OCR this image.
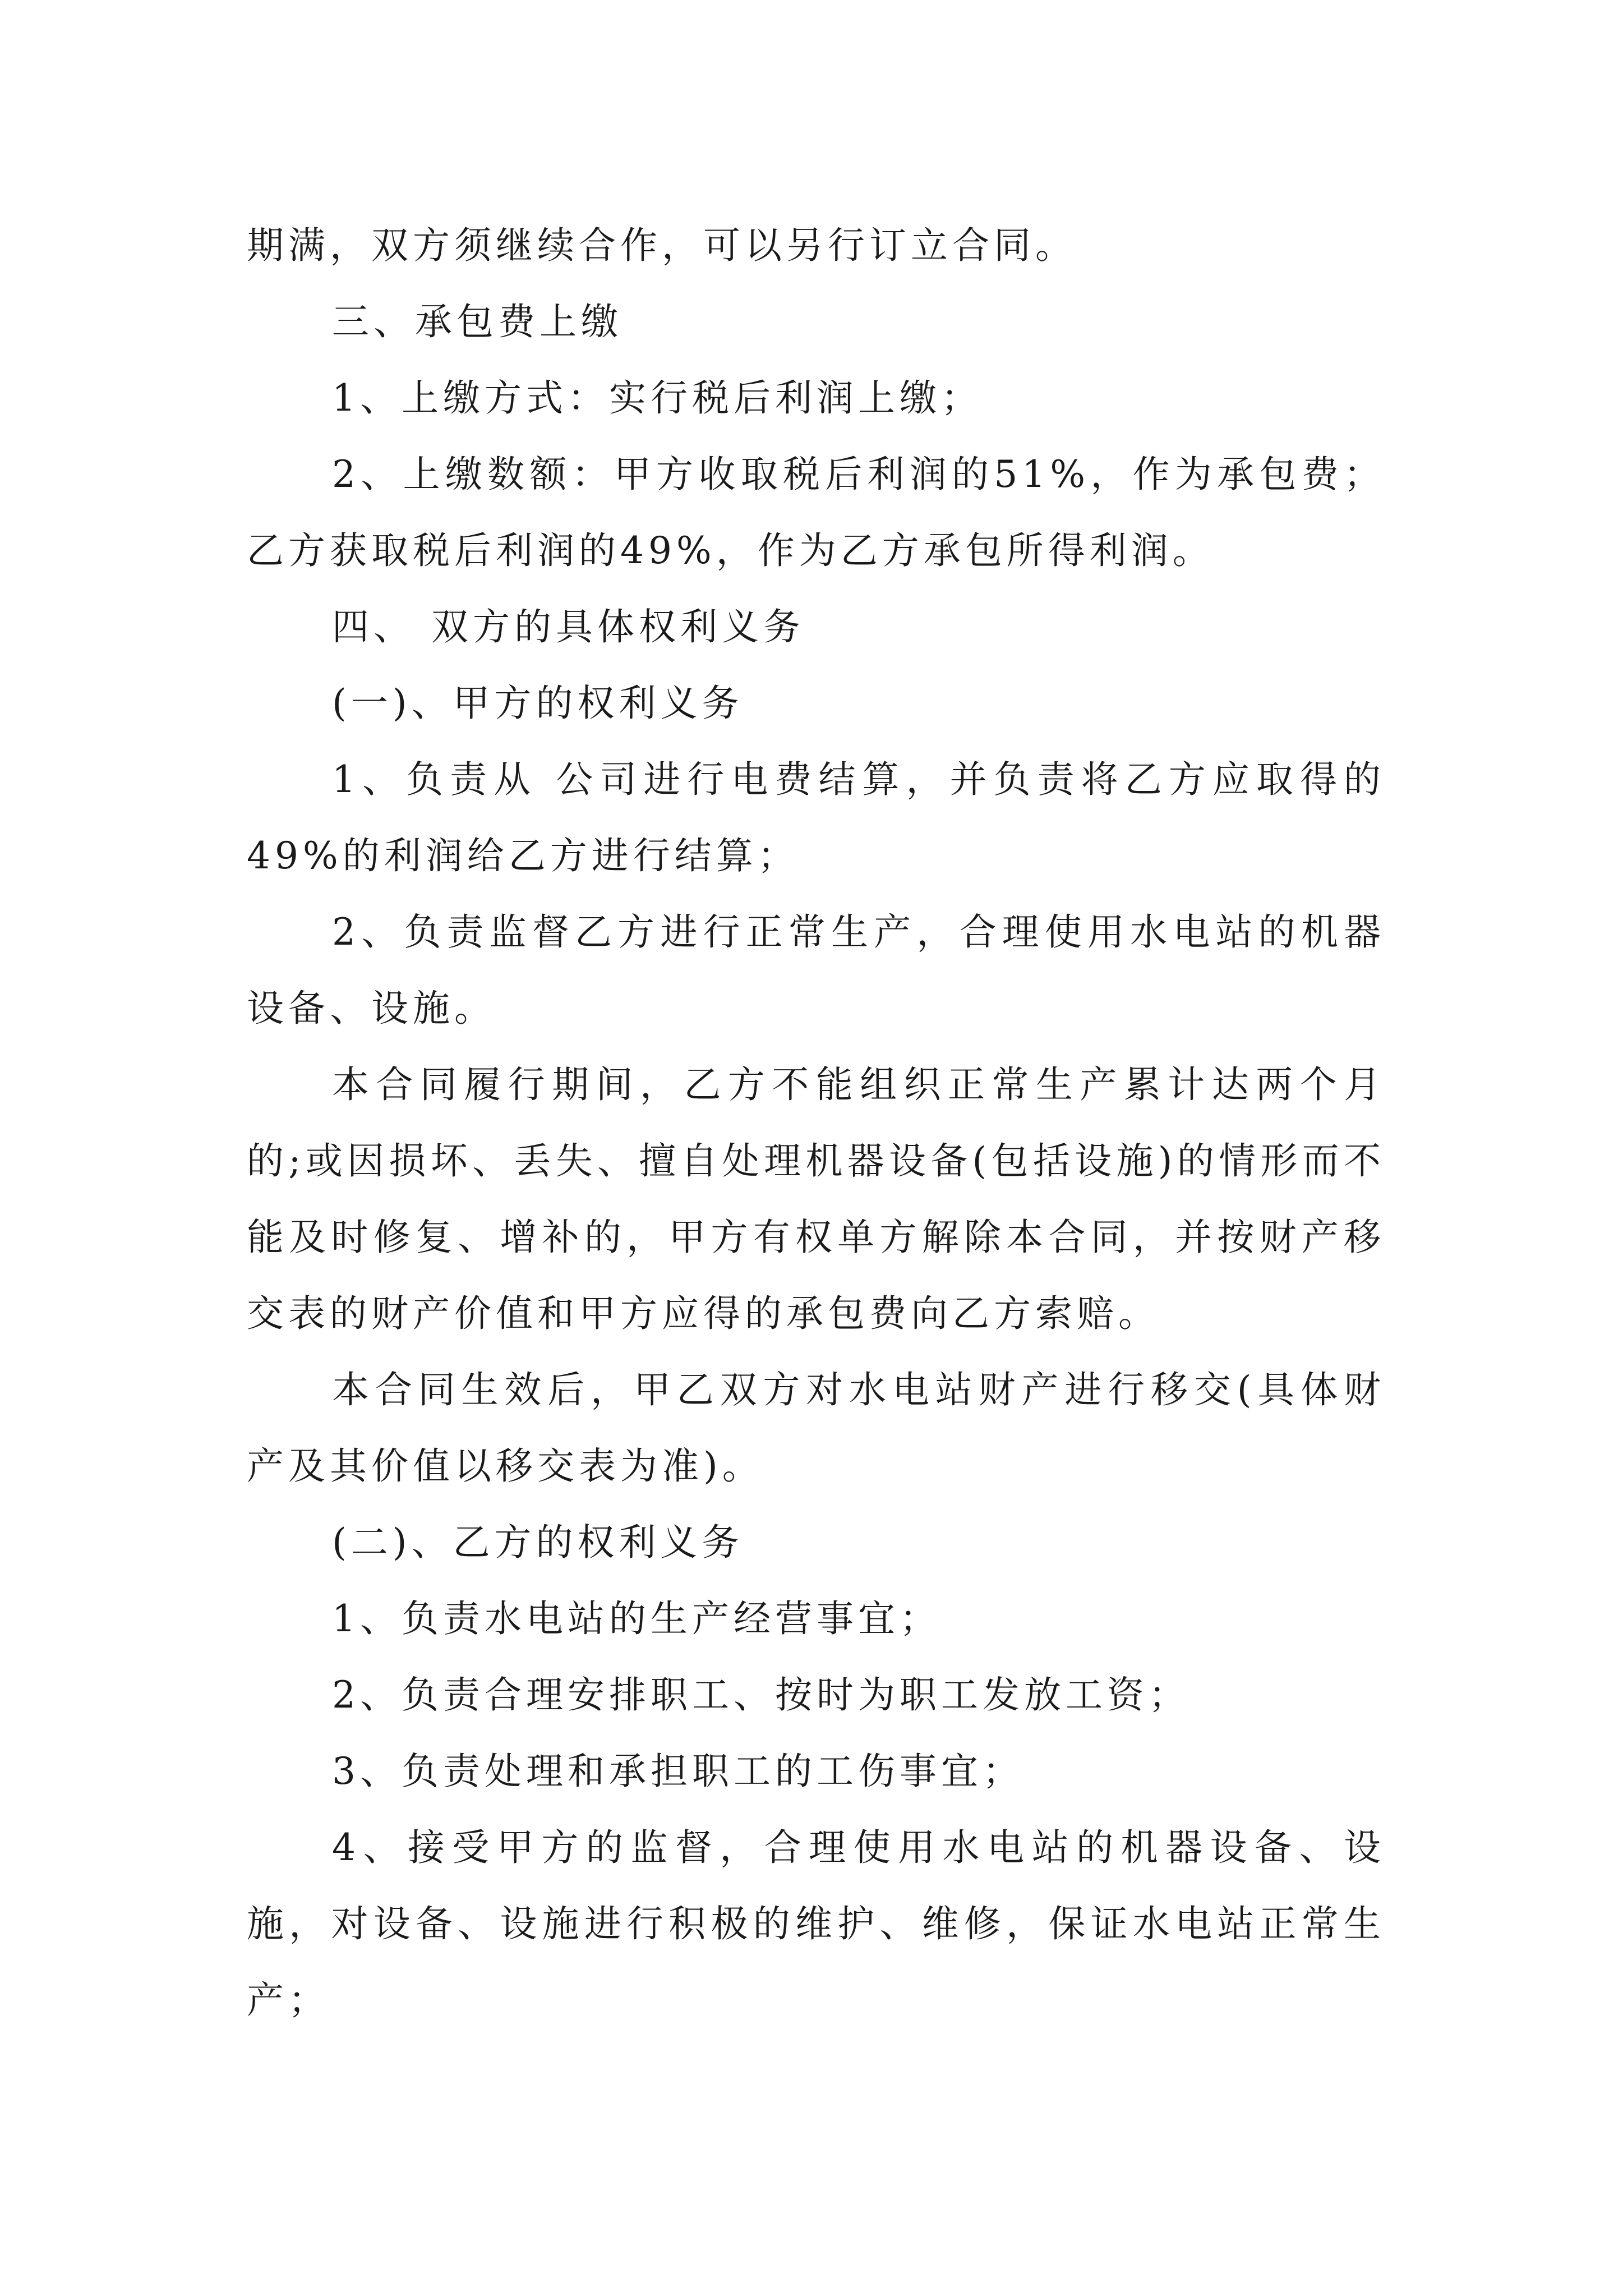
期满，双方须继续合作，可以另行订立合同。

三、承包费上缴

1、上缴方式：实行税后利润上缴；

2、上缴数额：甲方收取税后利润的51%，作为承包费；乙方获取税后利润的49%，作为乙方承包所得利润。

四、 双方的具体权利义务

(一)、甲方的权利义务

1、负责从 公司进行电费结算，并负责将乙方应取得的49%的利润给乙方进行结算；

2、负责监督乙方进行正常生产，合理使用水电站的机器设备、设施。

本合同履行期间，乙方不能组织正常生产累计达两个月的;或因损坏、丢失、擅自处理机器设备(包括设施)的情形而不能及时修复、增补的，甲方有权单方解除本合同，并按财产移交表的财产价值和甲方应得的承包费向乙方索赔。

本合同生效后，甲乙双方对水电站财产进行移交(具体财产及其价值以移交表为准)。

(二)、乙方的权利义务

1、负责水电站的生产经营事宜；

2、负责合理安排职工、按时为职工发放工资；

3、负责处理和承担职工的工伤事宜；

4、接受甲方的监督，合理使用水电站的机器设备、设施，对设备、设施进行积极的维护、维修，保证水电站正常生产；
